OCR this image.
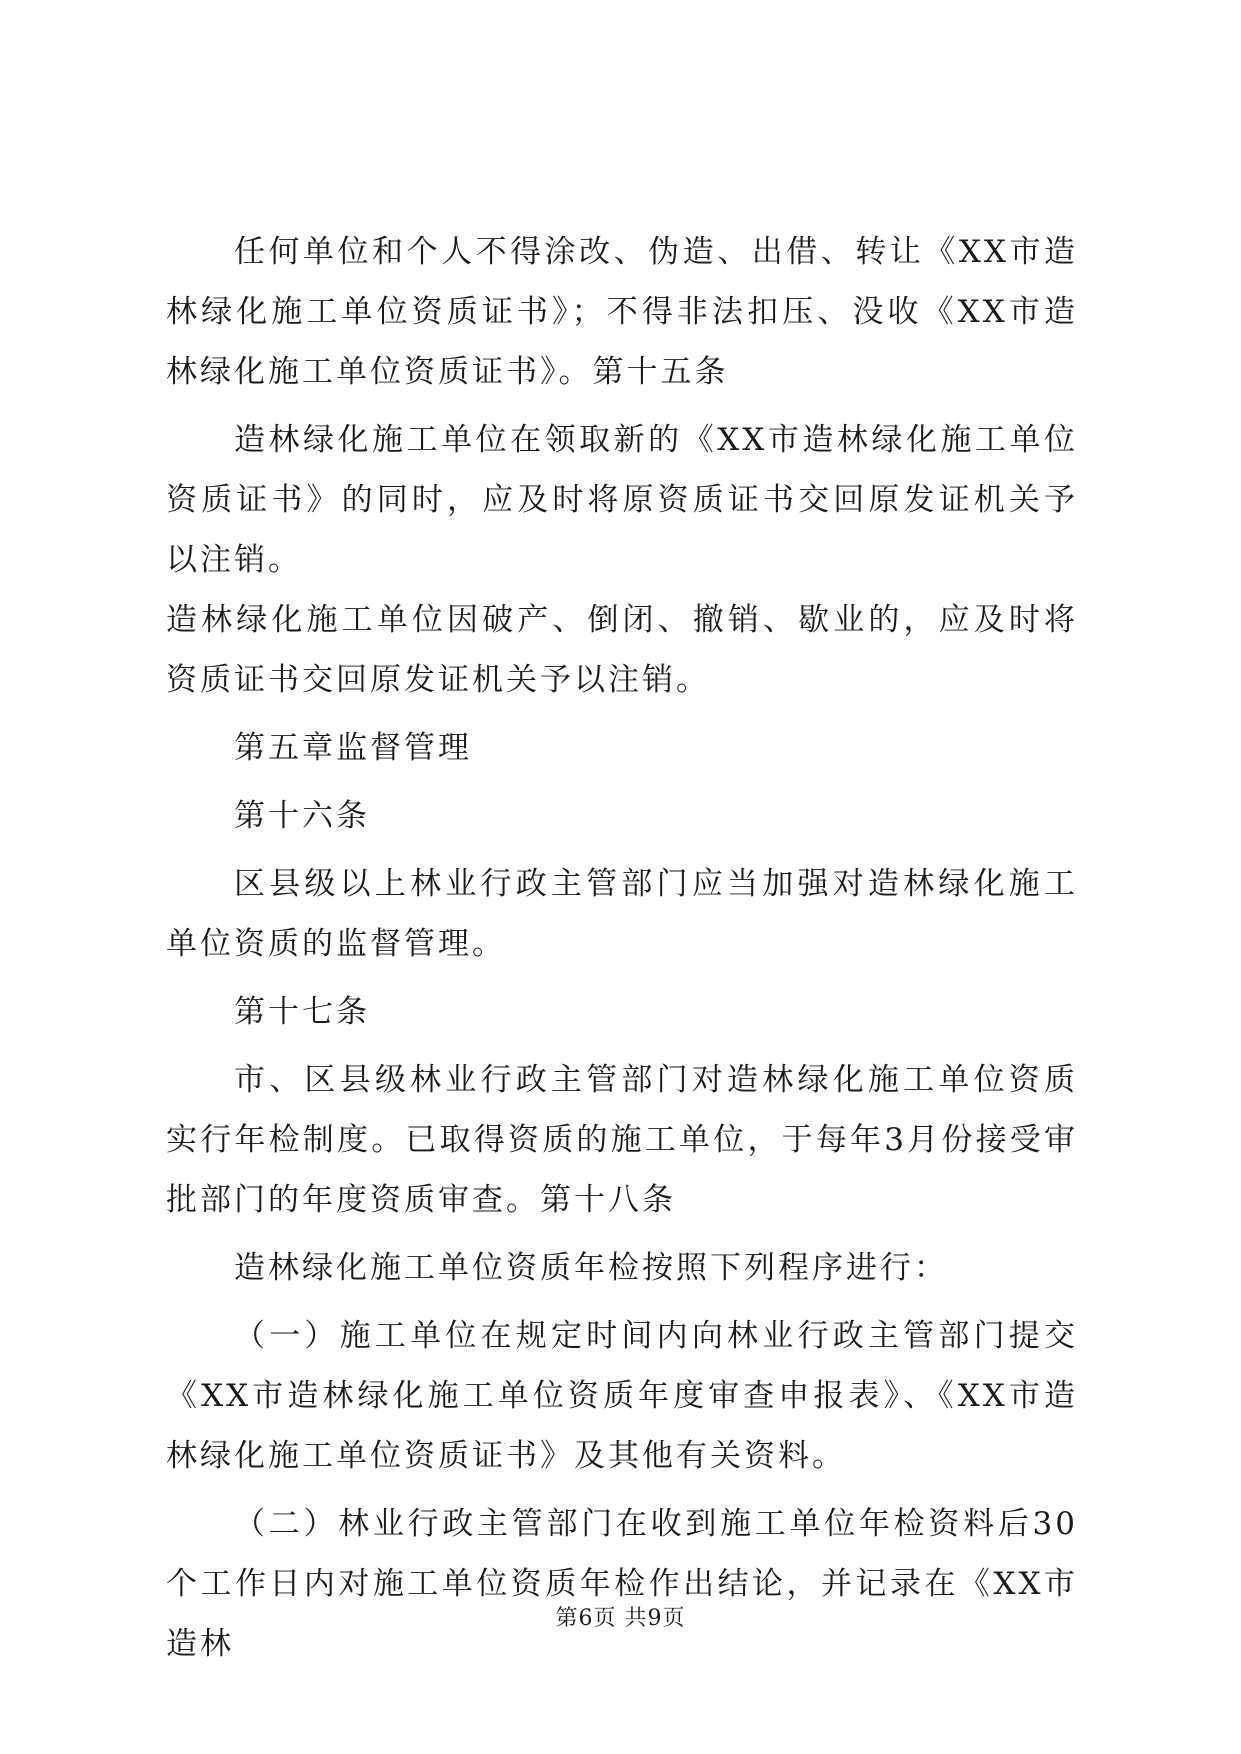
任何单位和个人不得涂改、伪造、出借、转让《XX市造林绿化施工单位资质证书》；不得非法扣压、没收《XX市造林绿化施工单位资质证书》。第十五条

造林绿化施工单位在领取新的《XX市造林绿化施工单位资质证书》的同时，应及时将原资质证书交回原发证机关予以注销。

造林绿化施工单位因破产、倒闭、撤销、歇业的，应及时将资质证书交回原发证机关予以注销。

第五章监督管理

第十六条

区县级以上林业行政主管部门应当加强对造林绿化施工单位资质的监督管理。

第十七条

市、区县级林业行政主管部门对造林绿化施工单位资质实行年检制度。已取得资质的施工单位，于每年3月份接受审批部门的年度资质审查。第十八条

造林绿化施工单位资质年检按照下列程序进行：

（一）施工单位在规定时间内向林业行政主管部门提交《XX市造林绿化施工单位资质年度审查申报表》、《XX市造林绿化施工单位资质证书》及其他有关资料。

（二）林业行政主管部门在收到施工单位年检资料后30个工作日内对施工单位资质年检作出结论，并记录在《XX市造林

第6页 共9页
